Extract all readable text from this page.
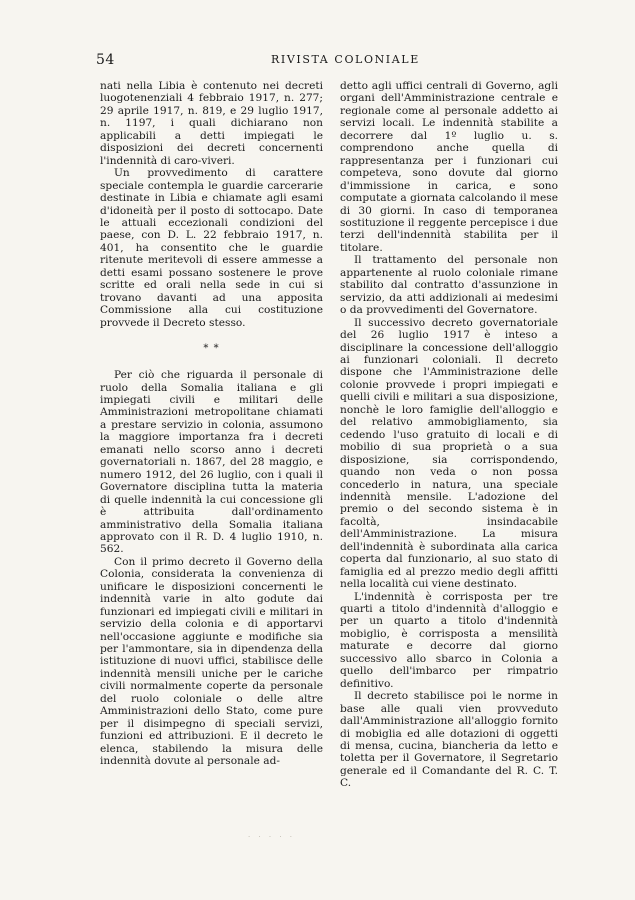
54	RIVISTA COLONIALE

nati nella Libia è contenuto nei decreti luogotenenziali 4 febbraio 1917, n. 277; 29 aprile 1917, n. 819, e 29 luglio 1917, n. 1197, i quali dichiarano non applicabili a detti impiegati le disposizioni dei decreti concernenti l'indennità di caro-viveri.

Un provvedimento di carattere speciale contempla le guardie carcerarie destinate in Libia e chiamate agli esami d'idoneità per il posto di sottocapo. Date le attuali eccezionali condizioni del paese, con D. L. 22 febbraio 1917, n. 401, ha consentito che le guardie ritenute meritevoli di essere ammesse a detti esami possano sostenere le prove scritte ed orali nella sede in cui si trovano davanti ad una apposita Commissione alla cui costituzione provvede il Decreto stesso.

* *

Per ciò che riguarda il personale di ruolo della Somalia italiana e gli impiegati civili e militari delle Amministrazioni metropolitane chiamati a prestare servizio in colonia, assumono la maggiore importanza fra i decreti emanati nello scorso anno i decreti governatoriali n. 1867, del 28 maggio, e numero 1912, del 26 luglio, con i quali il Governatore disciplina tutta la materia di quelle indennità la cui concessione gli è attribuita dall'ordinamento amministrativo della Somalia italiana approvato con il R. D. 4 luglio 1910, n. 562.

Con il primo decreto il Governo della Colonia, considerata la convenienza di unificare le disposizioni concernenti le indennità varie in alto godute dai funzionari ed impiegati civili e militari in servizio della colonia e di apportarvi nell'occasione aggiunte e modifiche sia per l'ammontare, sia in dipendenza della istituzione di nuovi uffici, stabilisce delle indennità mensili uniche per le cariche civili normalmente coperte da personale del ruolo coloniale o delle altre Amministrazioni dello Stato, come pure per il disimpegno di speciali servizi, funzioni ed attribuzioni. E il decreto le elenca, stabilendo la misura delle indennità dovute al personale ad-

detto agli uffici centrali di Governo, agli organi dell'Amministrazione centrale e regionale come al personale addetto ai servizi locali. Le indennità stabilite a decorrere dal 1º luglio u. s. comprendono anche quella di rappresentanza per i funzionari cui competeva, sono dovute dal giorno d'immissione in carica, e sono computate a giornata calcolando il mese di 30 giorni. In caso di temporanea sostituzione il reggente percepisce i due terzi dell'indennità stabilita per il titolare.

Il trattamento del personale non appartenente al ruolo coloniale rimane stabilito dal contratto d'assunzione in servizio, da atti addizionali ai medesimi o da provvedimenti del Governatore.

Il successivo decreto governatoriale del 26 luglio 1917 è inteso a disciplinare la concessione dell'alloggio ai funzionari coloniali. Il decreto dispone che l'Amministrazione delle colonie provvede i propri impiegati e quelli civili e militari a sua disposizione, nonchè le loro famiglie dell'alloggio e del relativo ammobigliamento, sia cedendo l'uso gratuito di locali e di mobilio di sua proprietà o a sua disposizione, sia corrispondendo, quando non veda o non possa concederlo in natura, una speciale indennità mensile. L'adozione del premio o del secondo sistema è in facoltà, insindacabile dell'Amministrazione. La misura dell'indennità è subordinata alla carica coperta dal funzionario, al suo stato di famiglia ed al prezzo medio degli affitti nella località cui viene destinato.

L'indennità è corrisposta per tre quarti a titolo d'indennità d'alloggio e per un quarto a titolo d'indennità mobiglio, è corrisposta a mensilità maturate e decorre dal giorno successivo allo sbarco in Colonia a quello dell'imbarco per rimpatrio definitivo.

Il decreto stabilisce poi le norme in base alle quali vien provveduto dall'Amministrazione all'alloggio fornito di mobiglia ed alle dotazioni di oggetti di mensa, cucina, biancheria da letto e toletta per il Governatore, il Segretario generale ed il Comandante del R. C. T. C.

· · · · ·
